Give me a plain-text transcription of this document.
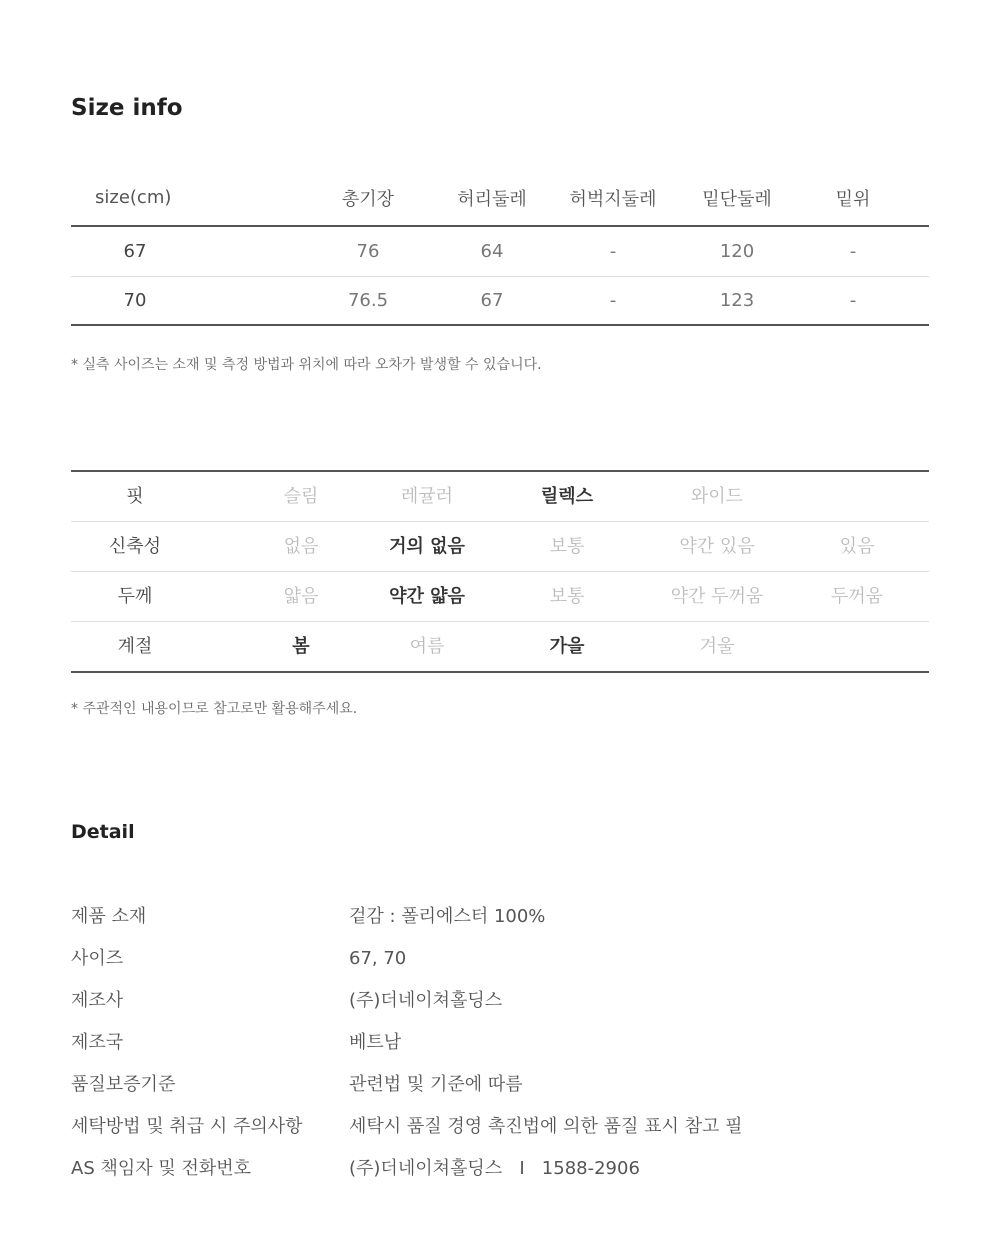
Size info
size(cm)	총기장	허리둘레	허벅지둘레	밑단둘레	밑위
67	76	64	-	120	-
70	76.5	67	-	123	-

* 실측 사이즈는 소재 및 측정 방법과 위치에 따라 오차가 발생할 수 있습니다.

핏	슬림	레귤러	릴렉스	와이드
신축성	없음	거의 없음	보통	약간 있음	있음
두께	얇음	약간 얇음	보통	약간 두꺼움	두꺼움
계절	봄	여름	가을	겨울

* 주관적인 내용이므로 참고로만 활용해주세요.

Detail
제품 소재	겉감 : 폴리에스터 100%
사이즈	67, 70
제조사	(주)더네이쳐홀딩스
제조국	베트남
품질보증기준	관련법 및 기준에 따름
세탁방법 및 취급 시 주의사항	세탁시 품질 경영 촉진법에 의한 품질 표시 참고 필
AS 책임자 및 전화번호	(주)더네이쳐홀딩스   I   1588-2906
